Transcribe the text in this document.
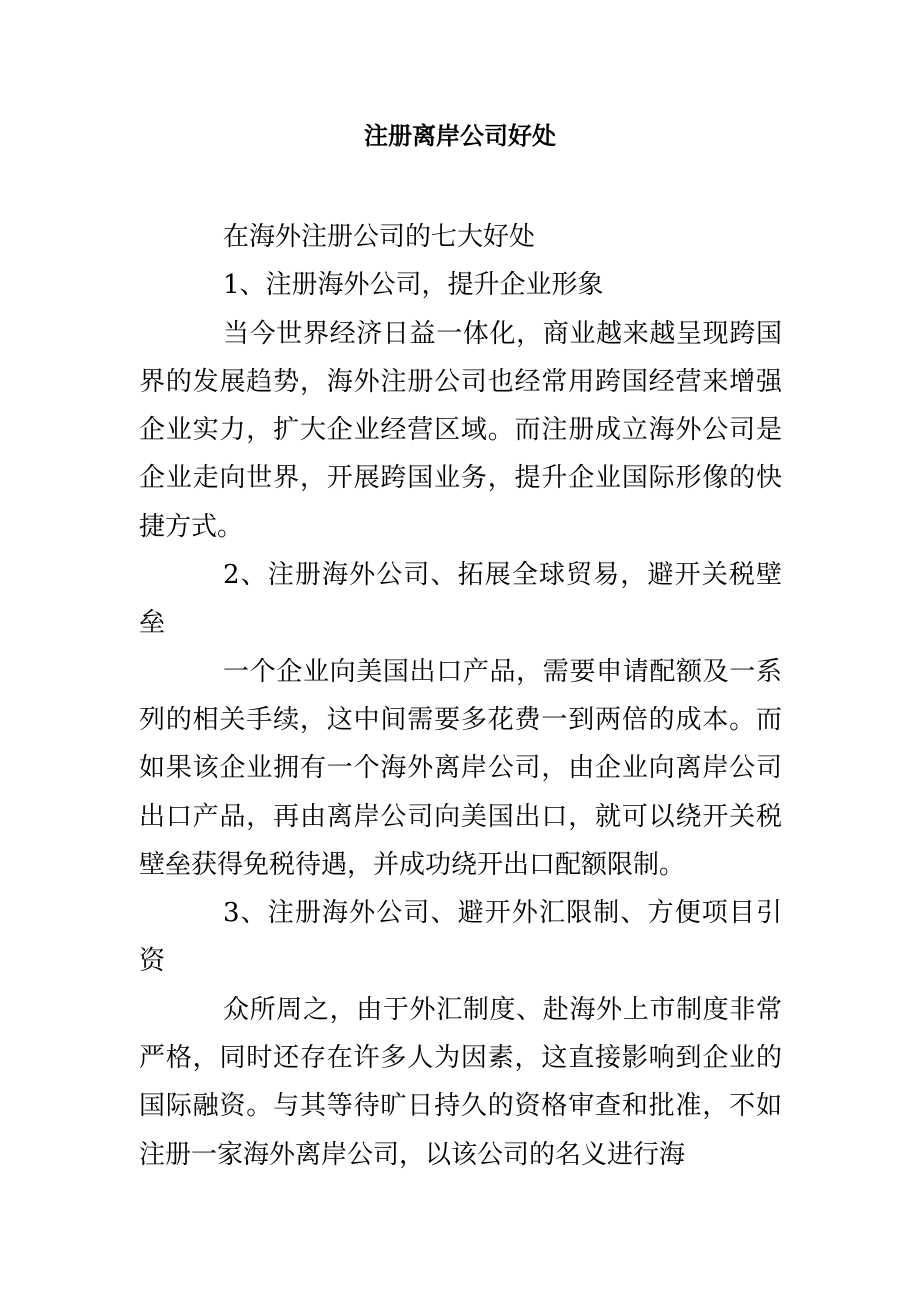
注册离岸公司好处

在海外注册公司的七大好处

1、注册海外公司，提升企业形象

当今世界经济日益一体化，商业越来越呈现跨国界的发展趋势，海外注册公司也经常用跨国经营来增强企业实力，扩大企业经营区域。而注册成立海外公司是企业走向世界，开展跨国业务，提升企业国际形像的快捷方式。

2、注册海外公司、拓展全球贸易，避开关税壁垒

一个企业向美国出口产品，需要申请配额及一系列的相关手续，这中间需要多花费一到两倍的成本。而如果该企业拥有一个海外离岸公司，由企业向离岸公司出口产品，再由离岸公司向美国出口，就可以绕开关税壁垒获得免税待遇，并成功绕开出口配额限制。

3、注册海外公司、避开外汇限制、方便项目引资

众所周之，由于外汇制度、赴海外上市制度非常严格，同时还存在许多人为因素，这直接影响到企业的国际融资。与其等待旷日持久的资格审查和批准，不如注册一家海外离岸公司，以该公司的名义进行海
